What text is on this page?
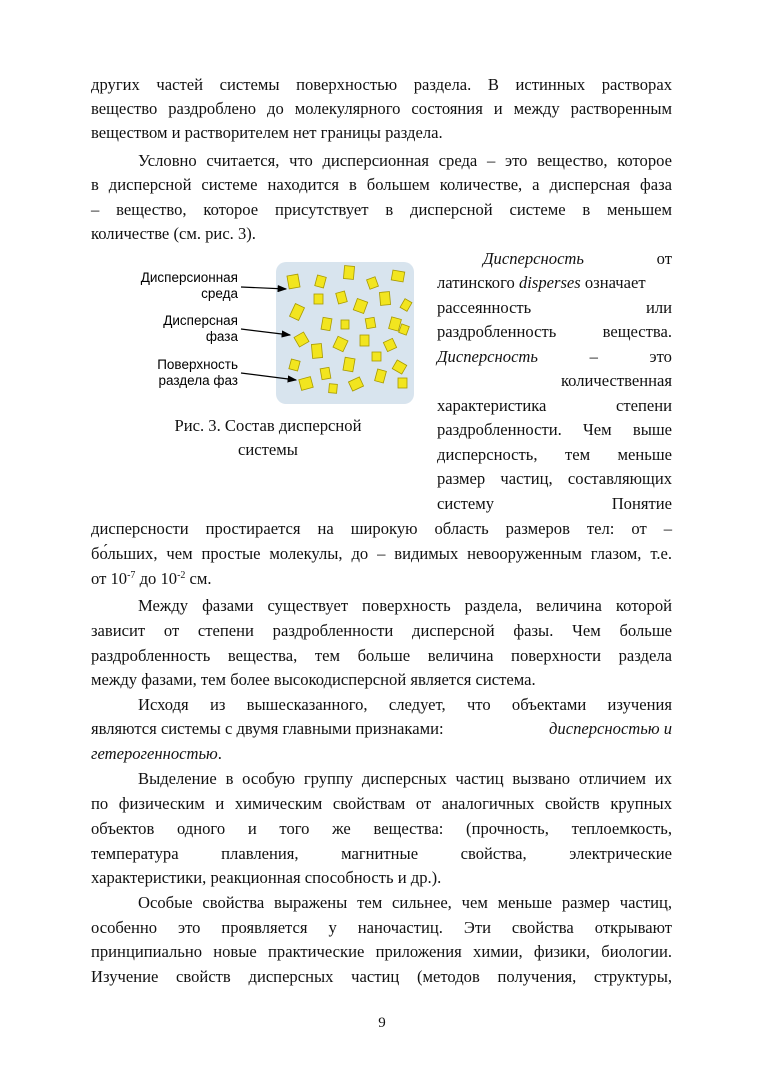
других частей системы поверхностью раздела. В истинных растворах
вещество раздроблено до молекулярного состояния и между растворенным
веществом и растворителем нет границы раздела.
Условно считается, что дисперсионная среда – это вещество, которое
в дисперсной системе находится в большем количестве, а дисперсная фаза
– вещество, которое присутствует в дисперсной системе в меньшем
количестве (см. рис. 3).
Дисперсионная
среда
Дисперсная
фаза
Поверхность
раздела фаз
Рис. 3. Состав дисперсной
системы
Дисперсность	от
латинского disperses означает
рассеянность	или
раздробленность	вещества.
Дисперсность	–	это
количественная
характеристика	степени
раздробленности. Чем выше
дисперсность, тем меньше
размер частиц, составляющих
систему	Понятие
дисперсности простирается на широкую область размеров тел: от –
бо́льших, чем простые молекулы, до – видимых невооруженным глазом, т.е.
от $10^{-7}$ до $10^{-2}$ см.
Между фазами существует поверхность раздела, величина которой
зависит от степени раздробленности дисперсной фазы. Чем больше
раздробленность вещества, тем больше величина поверхности раздела
между фазами, тем более высокодисперсной является система.
Исходя из вышесказанного, следует, что объектами изучения
являются системы с двумя главными признаками:	дисперсностью и
гетерогенностью.
Выделение в особую группу дисперсных частиц вызвано отличием их
по физическим и химическим свойствам от аналогичных свойств крупных
объектов одного и того же вещества: (прочность, теплоемкость,
температура плавления, магнитные свойства, электрические
характеристики, реакционная способность и др.).
Особые свойства выражены тем сильнее, чем меньше размер частиц,
особенно это проявляется у наночастиц. Эти свойства открывают
принципиально новые практические приложения химии, физики, биологии.
Изучение свойств дисперсных частиц (методов получения, структуры,
9
